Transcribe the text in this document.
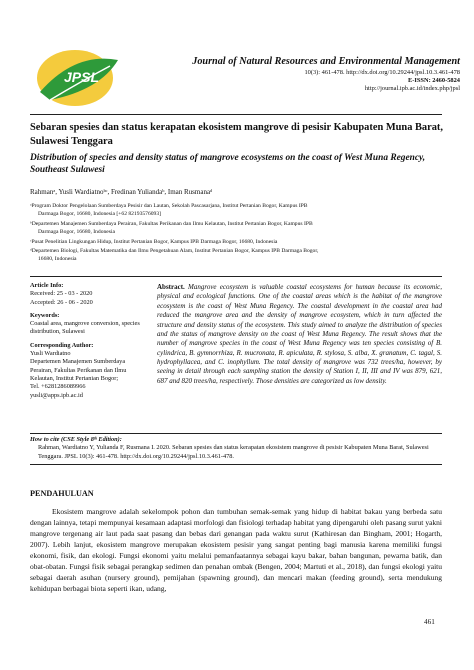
JPSL
Journal of Natural Resources and Environmental Management
10(3): 461-478. http://dx.doi.org/10.29244/jpsl.10.3.461-478
E-ISSN: 2460-5824
http://journal.ipb.ac.id/index.php/jpsl
Sebaran spesies dan status kerapatan ekosistem mangrove di pesisir Kabupaten Muna Barat, Sulawesi Tenggara
Distribution of species and density status of mangrove ecosystems on the coast of West Muna Regency, Southeast Sulawesi
Rahmanᵃ, Yusli Wardiatnoᵇᶜ, Fredinan Yuliandaᵇ, Iman Rusmanaᵈ
ᵃProgram Doktor Pengelolaan Sumberdaya Pesisir dan Lautan, Sekolah Pascasarjana, Institut Pertanian Bogor, Kampus IPB
Darmaga Bogor, 16680, Indonesia [+62 82193576093]
ᵇDepartemen Manajemen Sumberdaya Perairan, Fakultas Perikanan dan Ilmu Kelautan, Institut Pertanian Bogor, Kampus IPB
Darmaga Bogor, 16680, Indonesia
ᶜPusat Penelitian Lingkungan Hidup, Institut Pertanian Bogor, Kampus IPB Darmaga Bogor, 16680, Indonesia
ᵈDepartemen Biologi, Fakultas Matematika dan Ilmu Pengetahuan Alam, Institut Pertanian Bogor, Kampus IPB Darmaga Bogor,
16680, Indonesia
Article Info:
Received: 25 - 03 - 2020
Accepted: 26 - 06 - 2020
Keywords:
Coastal area, mangrove conversion, species distribution, Sulawesi
Corresponding Author:
Yusli Wardiatno
Departemen Manajemen Sumberdaya Perairan, Fakultas Perikanan dan Ilmu Kelautan, Institut Pertanian Bogor;
Tel. +6281286089966
yusli@apps.ipb.ac.id
Abstract. Mangrove ecosystem is valuable coastal ecosystems for human because its economic, physical and ecological functions. One of the coastal areas which is the habitat of the mangrove ecosystem is the coast of West Muna Regency. The coastal development in the coastal area had reduced the mangrove area and the density of mangrove ecosystem, which in turn affected the structure and density status of the ecosystem. This study aimed to analyze the distribution of species and the status of mangrove density on the coast of West Muna Regency. The result shows that the number of mangrove species in the coast of West Muna Regency was ten species consisting of B. cylindrica, B. gymnorrhiza, R. mucronata, R. apiculata, R. stylosa, S. alba, X. granatum, C. tagal, S. hydrophyllacea, and C. inophyllum. The total density of mangrove was 732 trees/ha, however, by seeing in detail through each sampling station the density of Station I, II, III and IV was 879, 621, 687 and 820 trees/ha, respectively. Those densities are categorized as low density.
How to cite (CSE Style 8ᵗʰ Edition):
Rahman, Wardiatno Y, Yulianda F, Rusmana I. 2020. Sebaran spesies dan status kerapatan ekosistem mangrove di pesisir Kabupaten Muna Barat, Sulawesi Tenggara. JPSL 10(3): 461-478. http://dx.doi.org/10.29244/jpsl.10.3.461-478.
PENDAHULUAN
Ekosistem mangrove adalah sekelompok pohon dan tumbuhan semak-semak yang hidup di habitat bakau yang berbeda satu dengan lainnya, tetapi mempunyai kesamaan adaptasi morfologi dan fisiologi terhadap habitat yang dipengaruhi oleh pasang surut yakni mangrove tergenang air laut pada saat pasang dan bebas dari genangan pada waktu surut (Kathiresan dan Bingham, 2001; Hogarth, 2007). Lebih lanjut, ekosistem mangrove merupakan ekosistem pesisir yang sangat penting bagi manusia karena memiliki fungsi ekonomi, fisik, dan ekologi. Fungsi ekonomi yaitu melalui pemanfaatannya sebagai kayu bakar, bahan bangunan, pewarna batik, dan obat-obatan. Fungsi fisik sebagai perangkap sedimen dan penahan ombak (Bengen, 2004; Martuti et al., 2018), dan fungsi ekologi yaitu sebagai daerah asuhan (nursery ground), pemijahan (spawning ground), dan mencari makan (feeding ground), serta mendukung kehidupan berbagai biota seperti ikan, udang,
461
